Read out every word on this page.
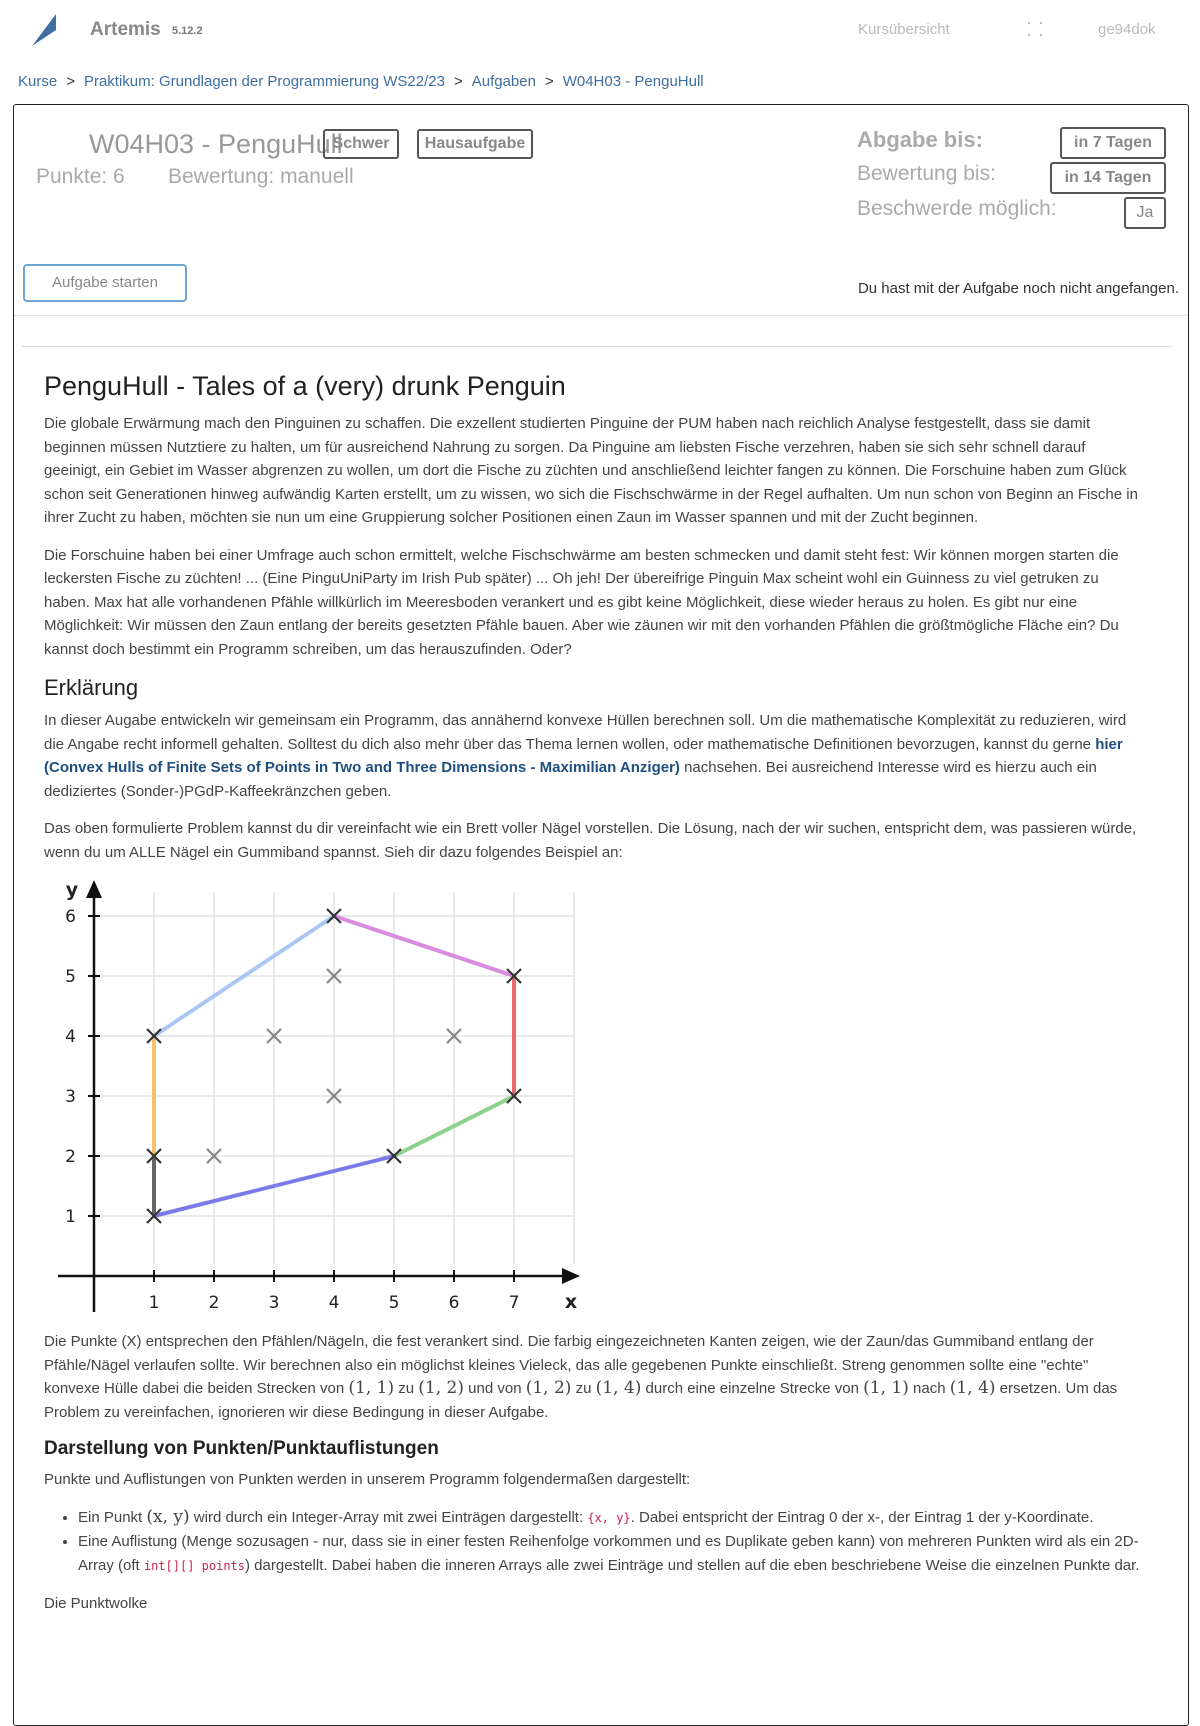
Artemis 5.12.2	Kursübersicht	ge94dok
Kurse > Praktikum: Grundlagen der Programmierung WS22/23 > Aufgaben > W04H03 - PenguHull
W04H03 - PenguHull
Schwer	Hausaufgabe
Punkte: 6 Bewertung: manuell
Abgabe bis:	in 7 Tagen
Bewertung bis:	in 14 Tagen
Beschwerde möglich:	Ja
Aufgabe starten	Du hast mit der Aufgabe noch nicht angefangen.
PenguHull - Tales of a (very) drunk Penguin

Die globale Erwärmung mach den Pinguinen zu schaffen. Die exzellent studierten Pinguine der PUM haben nach reichlich Analyse festgestellt, dass sie damit beginnen müssen Nutztiere zu halten, um für ausreichend Nahrung zu sorgen. Da Pinguine am liebsten Fische verzehren, haben sie sich sehr schnell darauf geeinigt, ein Gebiet im Wasser abgrenzen zu wollen, um dort die Fische zu züchten und anschließend leichter fangen zu können. Die Forschuine haben zum Glück schon seit Generationen hinweg aufwändig Karten erstellt, um zu wissen, wo sich die Fischschwärme in der Regel aufhalten. Um nun schon von Beginn an Fische in ihrer Zucht zu haben, möchten sie nun um eine Gruppierung solcher Positionen einen Zaun im Wasser spannen und mit der Zucht beginnen.

Die Forschuine haben bei einer Umfrage auch schon ermittelt, welche Fischschwärme am besten schmecken und damit steht fest: Wir können morgen starten die leckersten Fische zu züchten! ... (Eine PinguUniParty im Irish Pub später) ... Oh jeh! Der übereifrige Pinguin Max scheint wohl ein Guinness zu viel getruken zu haben. Max hat alle vorhandenen Pfähle willkürlich im Meeresboden verankert und es gibt keine Möglichkeit, diese wieder heraus zu holen. Es gibt nur eine Möglichkeit: Wir müssen den Zaun entlang der bereits gesetzten Pfähle bauen. Aber wie zäunen wir mit den vorhanden Pfählen die größtmögliche Fläche ein? Du kannst doch bestimmt ein Programm schreiben, um das herauszufinden. Oder?

Erklärung

In dieser Augabe entwickeln wir gemeinsam ein Programm, das annähernd konvexe Hüllen berechnen soll. Um die mathematische Komplexität zu reduzieren, wird die Angabe recht informell gehalten. Solltest du dich also mehr über das Thema lernen wollen, oder mathematische Definitionen bevorzugen, kannst du gerne hier (Convex Hulls of Finite Sets of Points in Two and Three Dimensions - Maximilian Anziger) nachsehen. Bei ausreichend Interesse wird es hierzu auch ein dediziertes (Sonder-)PGdP-Kaffeekränzchen geben.

Das oben formulierte Problem kannst du dir vereinfacht wie ein Brett voller Nägel vorstellen. Die Lösung, nach der wir suchen, entspricht dem, was passieren würde, wenn du um ALLE Nägel ein Gummiband spannst. Sieh dir dazu folgendes Beispiel an:

Die Punkte (X) entsprechen den Pfählen/Nägeln, die fest verankert sind. Die farbig eingezeichneten Kanten zeigen, wie der Zaun/das Gummiband entlang der Pfähle/Nägel verlaufen sollte. Wir berechnen also ein möglichst kleines Vieleck, das alle gegebenen Punkte einschließt. Streng genommen sollte eine "echte" konvexe Hülle dabei die beiden Strecken von (1, 1) zu (1, 2) und von (1, 2) zu (1, 4) durch eine einzelne Strecke von (1, 1) nach (1, 4) ersetzen. Um das Problem zu vereinfachen, ignorieren wir diese Bedingung in dieser Aufgabe.

Darstellung von Punkten/Punktauflistungen

Punkte und Auflistungen von Punkten werden in unserem Programm folgendermaßen dargestellt:

• Ein Punkt (x, y) wird durch ein Integer-Array mit zwei Einträgen dargestellt: {x, y}. Dabei entspricht der Eintrag 0 der x-, der Eintrag 1 der y-Koordinate.
• Eine Auflistung (Menge sozusagen - nur, dass sie in einer festen Reihenfolge vorkommen und es Duplikate geben kann) von mehreren Punkten wird als ein 2D-Array (oft int[][] points) dargestellt. Dabei haben die inneren Arrays alle zwei Einträge und stellen auf die eben beschriebene Weise die einzelnen Punkte dar.

Die Punktwolke

1	2	3	4	5	6	7
1
2
3
4
5
6
x
y
